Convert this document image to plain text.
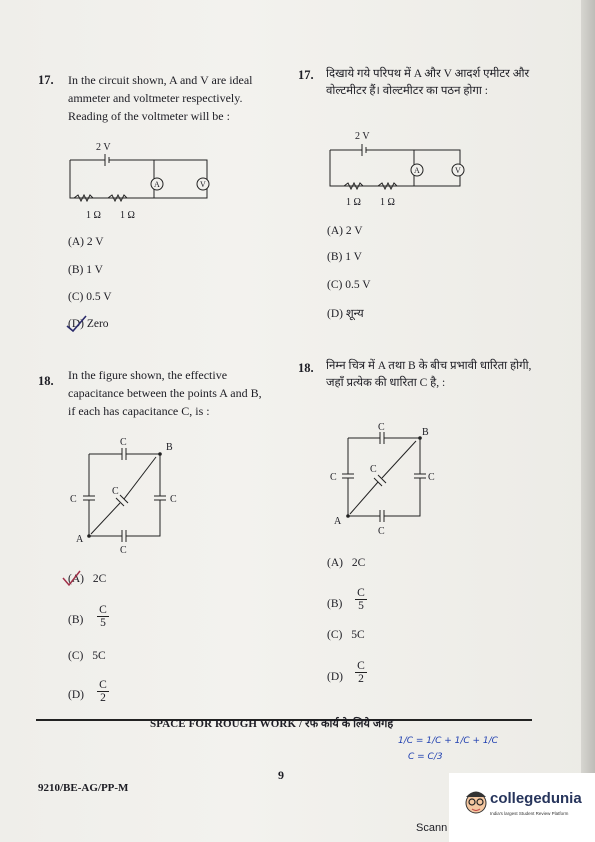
17. In the circuit shown, A and V are ideal
ammeter and voltmeter respectively.
Reading of the voltmeter will be :
A	V
2 V
1 Ω 1 Ω
(A) 2 V
(B) 1 V
(C) 0.5 V
(D) Zero
17. दिखाये गये परिपथ में A और V आदर्श एमीटर और
वोल्टमीटर हैं। वोल्टमीटर का पठन होगा :
A	V
2 V
1 Ω 1 Ω
(A) 2 V
(B) 1 V
(C) 0.5 V
(D) शून्य
18. In the figure shown, the effective
capacitance between the points A and B,
if each has capacitance C, is :
C	B
C
C
C
C
A
(A) 2C
$(B) \frac{C}{5}$
(C) 5C
$(D) \frac{C}{2}$
18. निम्न चित्र में A तथा B के बीच प्रभावी धारिता होगी,
जहाँ प्रत्येक की धारिता C है, :
C	B
C
C
C
C
A
(A) 2C
$(B) \frac{C}{5}$
(C) 5C
$(D) \frac{C}{2}$
SPACE FOR ROUGH WORK / रफ कार्य के लिये जगह
1/C = 1/C + 1/C + 1/C
C = C/3
9
9210/BE-AG/PP-M
Scann
collegedunia
India's largest Student Review Platform
